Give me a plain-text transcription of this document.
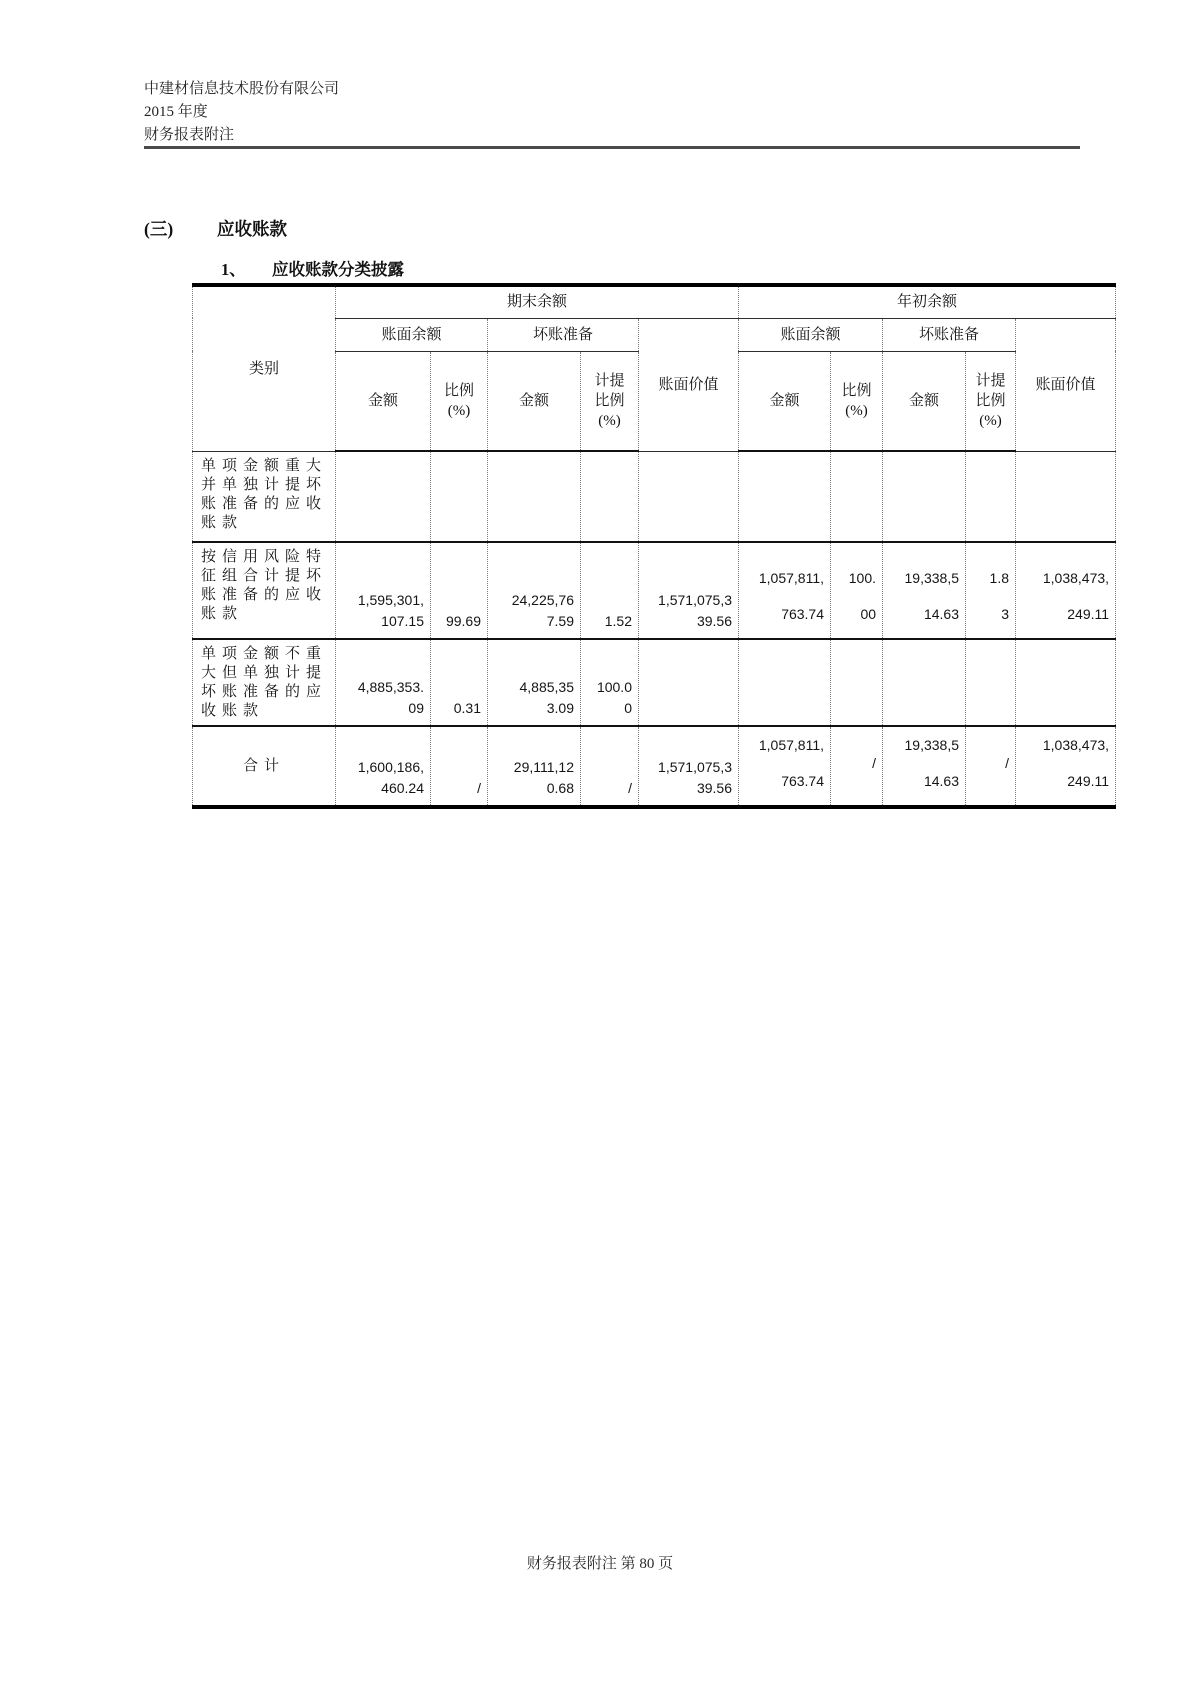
中建材信息技术股份有限公司
2015 年度
财务报表附注
(三)	应收账款
1、	应收账款分类披露
类别	期末余额					年初余额				
	账面余额		坏账准备		账面价值	账面余额		坏账准备		账面价值
	金额	比例(%)	金额	计提比例(%)		金额	比例(%)	金额	计提比例(%)	
单项金额重大并单独计提坏账准备的应收账款										
按信用风险特征组合计提坏账准备的应收账款	1,595,301,107.15	99.69	24,225,767.59	1.52	1,571,075,339.56	1,057,811,763.74	100.00	19,338,514.63	1.83	1,038,473,249.11
单项金额不重大但单独计提坏账准备的应收账款	4,885,353.09	0.31	4,885,353.09	100.00						
合计	1,600,186,460.24	/	29,111,120.68	/	1,571,075,339.56	1,057,811,763.74	/	19,338,514.63	/	1,038,473,249.11
财务报表附注 第 80 页
